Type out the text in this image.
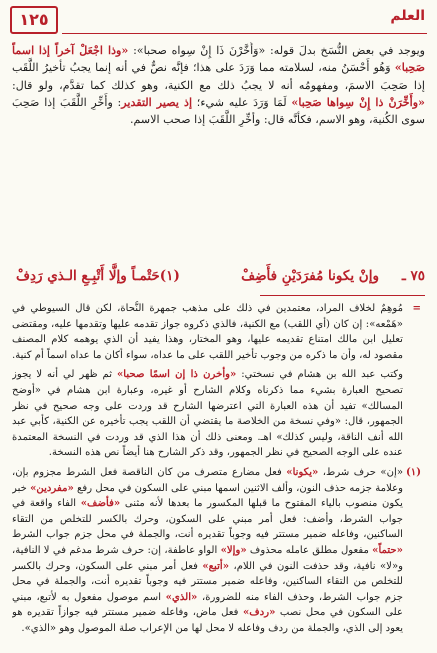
١٢٥	العلم

ويوجد في بعض النُّسَخ بدلَ قوله: «وَأَخَّرْنَ ذَا إِنْ سِواه صحبا»: «وذا اجْعَلْ آخراً إذا اسماً صَحِبا» وَهُو أَحْسَنُ منه، لسلامته مما وَرَدَ على هذا؛ فإنَّه نصٌّ في أنه إنما يجبُ تأخيرُ اللَّقَب إذا صَحِبَ الاسمَ، ومفهومُه أنه لا يجبُ ذلك مع الكنية، وهو كذلك كما تقدَّم، ولو قال: «وأَخِّرَنْ ذا إِنْ سِواها صَحِبا» لَمَا وَرَدَ عليه شيء؛ إذ يصير التقدير: وأَخِّرِ اللَّقَبَ إذا صَحِبَ سوى الكُنية، وهو الاسم، فكأنَّه قال: وأخِّرِ اللَّقَبَ إذا صحب الاسم.

٧٥ ـ
وإنْ يكونا مُفرَدَيْنِ فأَضِفْ
(١)حَتْمـاً وإلَّا أَتْبِـعِ الـذي رَدِفْ

=
مُوهِمٌ لخلاف المراد، معتمدين في ذلك على مذهب جمهرة النُّحاة، لكن قال السيوطي في «هَمْعه»: إن كان (أي اللقب) مع الكنية، فالذي ذكروه جواز تقدمه عليها وتقدمها عليه، ومقتضى تعليل ابن مالك امتناع تقديمه عليها، وهو المختار، وهذا يفيد أن الذي يوهمه كلام المصنف مقصود له، وأن ما ذكره من وجوب تأخير اللقب على ما عداه، سواء أكان ما عداه اسماً أم كنية.

وكتب عبد الله بن هشام في نسختي: «وأخرن ذا إن اسمًا صحبا» ثم ظهر لي أنه لا يجوز تصحيح العبارة بشيء مما ذكرناه وكلام الشارح أو غيره، وعبارة ابن هشام في «أوضح المسالك» تفيد أن هذه العبارة التي اعترضها الشارح قد وردت على وجه صحيح في نظر الجمهور، قال: «وفي نسخة من الخلاصة ما يقتضي أن اللقب يجب تأخيره عن الكنية، كأبي عبد الله أنف الناقة، وليس كذلك» اهـ. ومعنى ذلك أن هذا الذي قد وردت في النسخة المعتمدة عنده على الوجه الصحيح في نظر الجمهور، وقد ذكر الشارح هنا أيضاً نص هذه النسخة.

(١)
«إن» حرف شرط، «يكونا» فعل مضارع متصرف من كان الناقصة فعل الشرط مجزوم بإن، وعلامة جزمه حذف النون، وألف الاثنين اسمها مبني على السكون في محل رفع «مفردين» خبر يكون منصوب بالياء المفتوح ما قبلها المكسور ما بعدها لأنه مثنى «فأضف» الفاء واقعة في جواب الشرط، وأضف: فعل أمر مبني على السكون، وحرك بالكسر للتخلص من التقاء الساكنين، وفاعله ضمير مستتر فيه وجوباً تقديره أنت، والجملة في محل جزم جواب الشرط «حتماً» مفعول مطلق عامله محذوف «وإلا» الواو عاطفة، إن: حرف شرط مدغم في لا النافية، و«لا» نافية، وقد حذفت النون في اللام، «أتبع» فعل أمر مبني على السكون، وحرك بالكسر للتخلص من التقاء الساكنين، وفاعله ضمير مستتر فيه وجوباً تقديره أنت، والجملة في محل جزم جواب الشرط، وحذف الفاء منه للضرورة، «الذي» اسم موصول مفعول به لأتبع، مبني على السكون في محل نصب «ردف» فعل ماض، وفاعله ضمير مستتر فيه جوازاً تقديره هو يعود إلى الذي، والجملة من ردف وفاعله لا محل لها من الإعراب صلة الموصول وهو «الذي».
